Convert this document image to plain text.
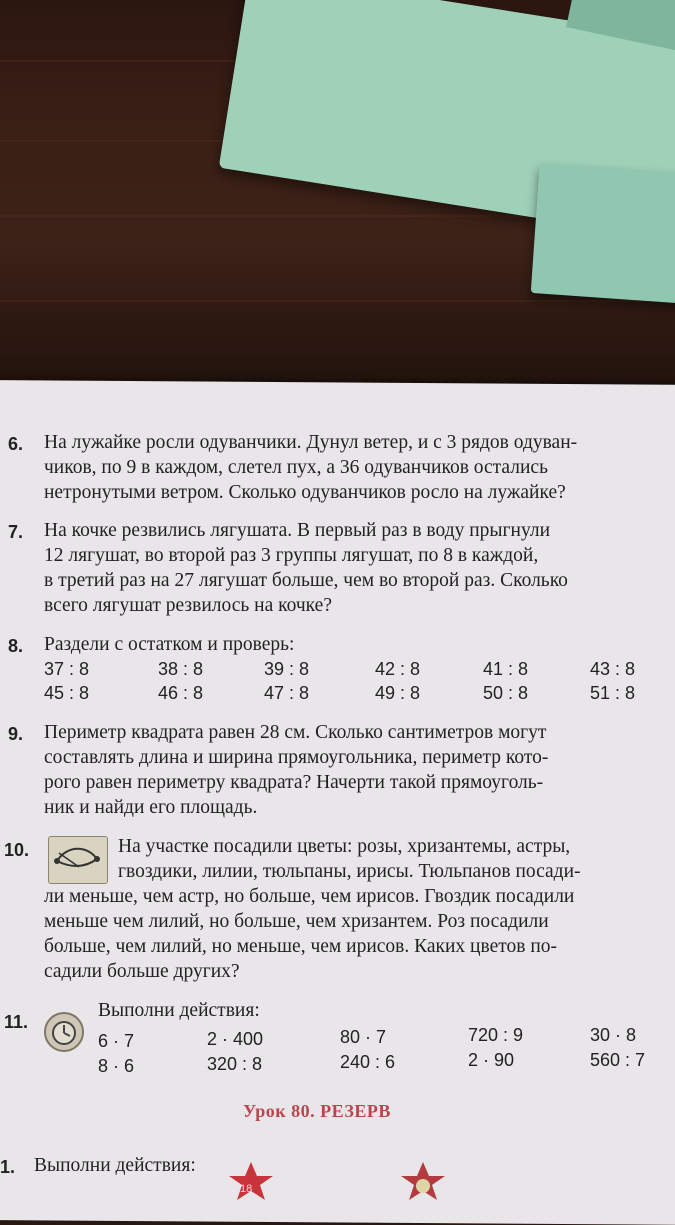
6. На лужайке росли одуванчики. Дунул ветер, и с 3 рядов одуван-
чиков, по 9 в каждом, слетел пух, а 36 одуванчиков остались
нетронутыми ветром. Сколько одуванчиков росло на лужайке?
7. На кочке резвились лягушата. В первый раз в воду прыгнули
12 лягушат, во второй раз 3 группы лягушат, по 8 в каждой,
в третий раз на 27 лягушат больше, чем во второй раз. Сколько
всего лягушат резвилось на кочке?
8. Раздели с остатком и проверь:
37 : 8	38 : 8	39 : 8	42 : 8	41 : 8	43 : 8
45 : 8	46 : 8	47 : 8	49 : 8	50 : 8	51 : 8
9. Периметр квадрата равен 28 см. Сколько сантиметров могут
составлять длина и ширина прямоугольника, периметр кото-
рого равен периметру квадрата? Начерти такой прямоуголь-
ник и найди его площадь.
10.	На участке посадили цветы: розы, хризантемы, астры,
гвоздики, лилии, тюльпаны, ирисы. Тюльпанов посади-
ли меньше, чем астр, но больше, чем ирисов. Гвоздик посадили
меньше чем лилий, но больше, чем хризантем. Роз посадили
больше, чем лилий, но меньше, чем ирисов. Каких цветов по-
садили больше других?
11.
Выполни действия:
6 · 7	2 · 400	80 · 7	720 : 9	30 · 8
8 · 6	320 : 8	240 : 6	2 · 90	560 : 7
Урок 80. РЕЗЕРВ
1. Выполни действия:
18
